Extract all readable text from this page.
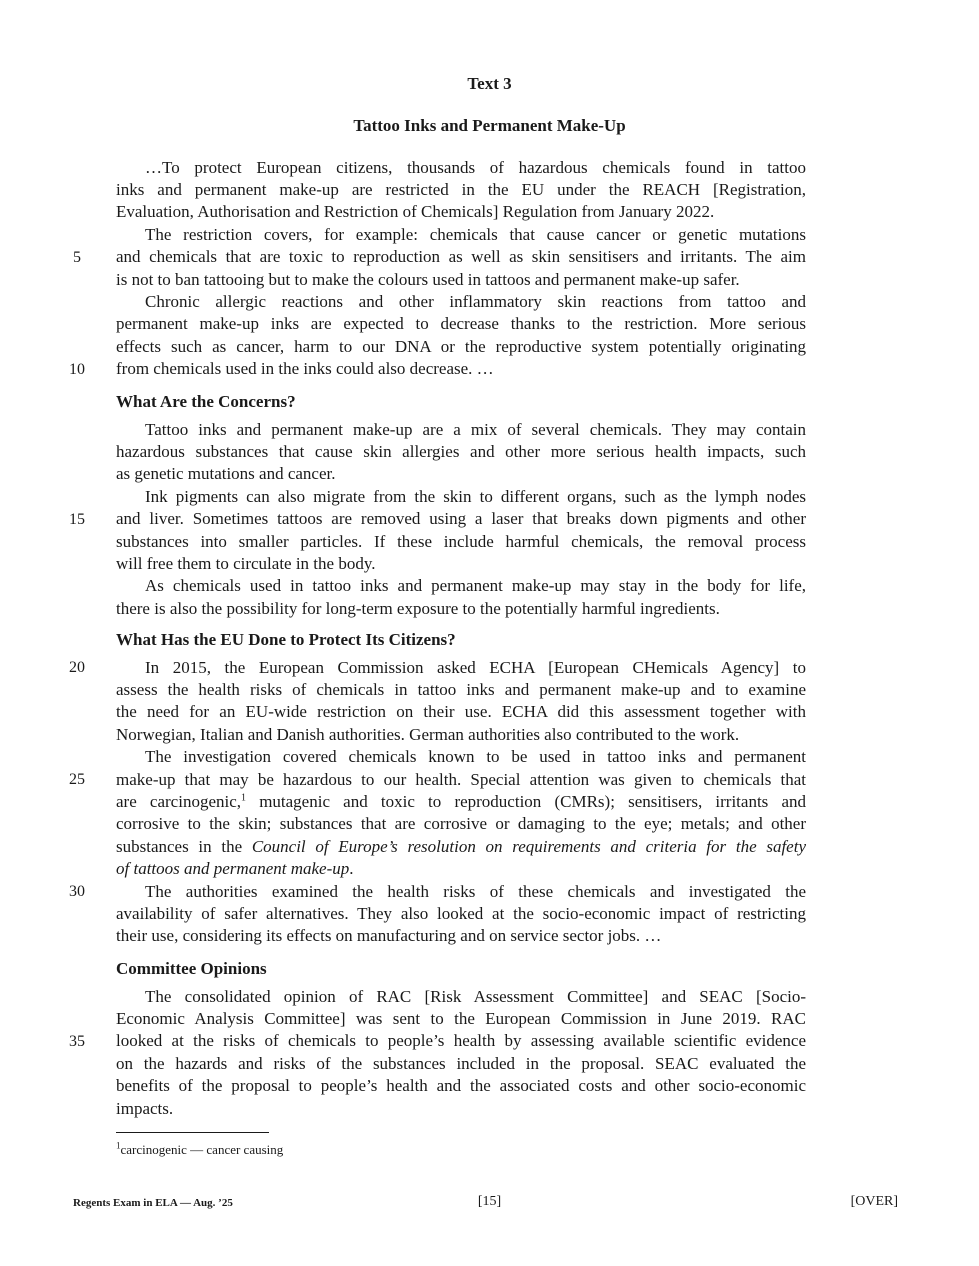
Text 3
Tattoo Inks and Permanent Make-Up
…To protect European citizens, thousands of hazardous chemicals found in tattoo
inks and permanent make-up are restricted in the EU under the REACH [Registration,
Evaluation, Authorisation and Restriction of Chemicals] Regulation from January 2022.
The restriction covers, for example: chemicals that cause cancer or genetic mutations
and chemicals that are toxic to reproduction as well as skin sensitisers and irritants. The aim
is not to ban tattooing but to make the colours used in tattoos and permanent make-up safer.
Chronic allergic reactions and other inflammatory skin reactions from tattoo and
permanent make-up inks are expected to decrease thanks to the restriction. More serious
effects such as cancer, harm to our DNA or the reproductive system potentially originating
from chemicals used in the inks could also decrease. …
What Are the Concerns?
Tattoo inks and permanent make-up are a mix of several chemicals. They may contain
hazardous substances that cause skin allergies and other more serious health impacts, such
as genetic mutations and cancer.
Ink pigments can also migrate from the skin to different organs, such as the lymph nodes
and liver. Sometimes tattoos are removed using a laser that breaks down pigments and other
substances into smaller particles. If these include harmful chemicals, the removal process
will free them to circulate in the body.
As chemicals used in tattoo inks and permanent make-up may stay in the body for life,
there is also the possibility for long-term exposure to the potentially harmful ingredients.
What Has the EU Done to Protect Its Citizens?
In 2015, the European Commission asked ECHA [European CHemicals Agency] to
assess the health risks of chemicals in tattoo inks and permanent make-up and to examine
the need for an EU-wide restriction on their use. ECHA did this assessment together with
Norwegian, Italian and Danish authorities. German authorities also contributed to the work.
The investigation covered chemicals known to be used in tattoo inks and permanent
make-up that may be hazardous to our health. Special attention was given to chemicals that
are carcinogenic,$^1$ mutagenic and toxic to reproduction (CMRs); sensitisers, irritants and
corrosive to the skin; substances that are corrosive or damaging to the eye; metals; and other
substances in the Council of Europe’s resolution on requirements and criteria for the safety
of tattoos and permanent make-up.
The authorities examined the health risks of these chemicals and investigated the
availability of safer alternatives. They also looked at the socio-economic impact of restricting
their use, considering its effects on manufacturing and on service sector jobs. …
Committee Opinions
The consolidated opinion of RAC [Risk Assessment Committee] and SEAC [Socio-
Economic Analysis Committee] was sent to the European Commission in June 2019. RAC
looked at the risks of chemicals to people’s health by assessing available scientific evidence
on the hazards and risks of the substances included in the proposal. SEAC evaluated the
benefits of the proposal to people’s health and the associated costs and other socio-economic
impacts.
5
10
15
20
25
30
35
$^1$carcinogenic — cancer causing
Regents Exam in ELA — Aug. ’25	[15]	[OVER]
